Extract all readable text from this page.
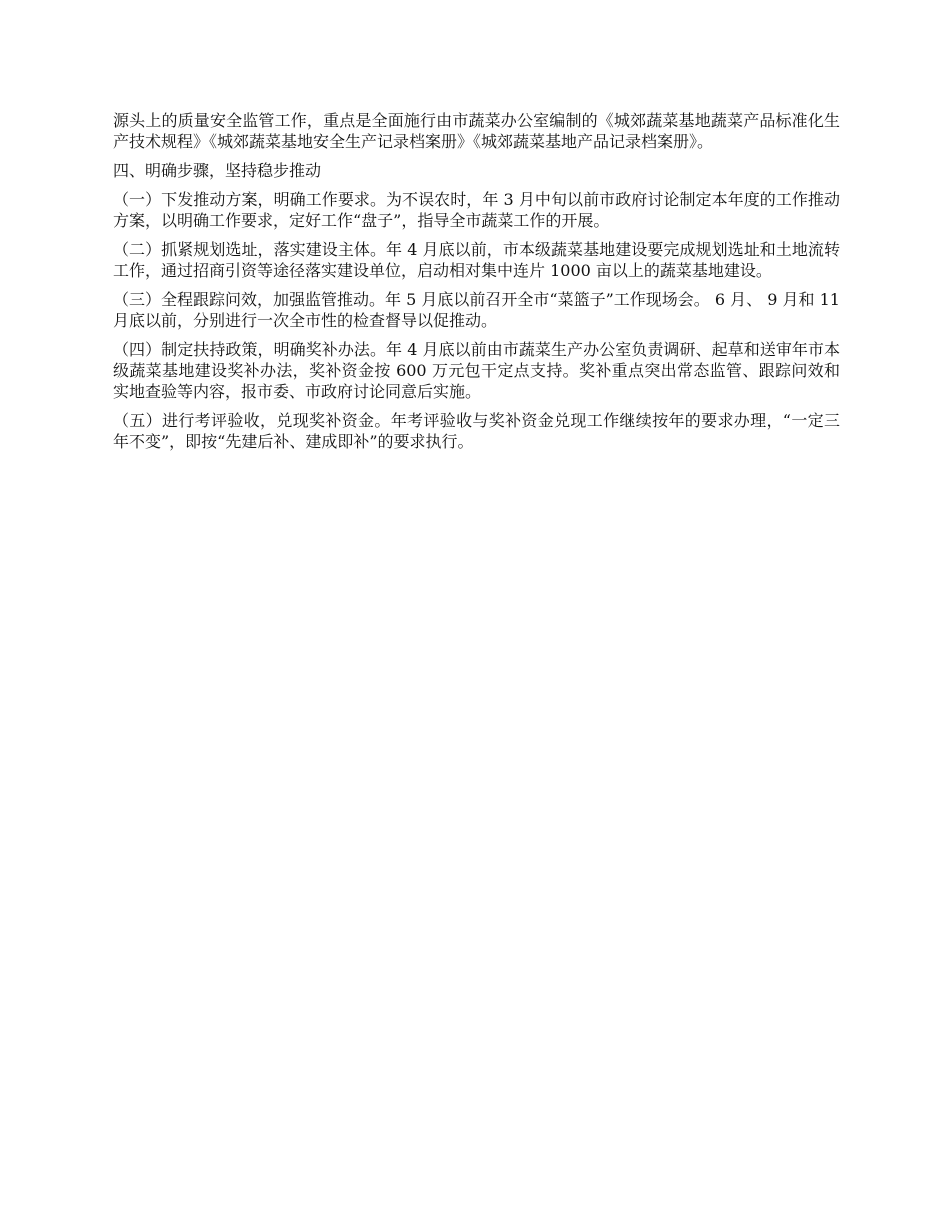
源头上的质量安全监管工作，重点是全面施行由市蔬菜办公室编制的《城郊蔬菜基地蔬菜产品标准化生产技术规程》《城郊蔬菜基地安全生产记录档案册》《城郊蔬菜基地产品记录档案册》。

四、明确步骤，坚持稳步推动

（一）下发推动方案，明确工作要求。为不误农时，年 3 月中旬以前市政府讨论制定本年度的工作推动方案，以明确工作要求，定好工作“盘子”，指导全市蔬菜工作的开展。

（二）抓紧规划选址，落实建设主体。年 4 月底以前，市本级蔬菜基地建设要完成规划选址和土地流转工作，通过招商引资等途径落实建设单位，启动相对集中连片 1000 亩以上的蔬菜基地建设。

（三）全程跟踪问效，加强监管推动。年 5 月底以前召开全市“菜篮子”工作现场会。 6 月、 9 月和 11 月底以前，分别进行一次全市性的检查督导以促推动。

（四）制定扶持政策，明确奖补办法。年 4 月底以前由市蔬菜生产办公室负责调研、起草和送审年市本级蔬菜基地建设奖补办法，奖补资金按 600 万元包干定点支持。奖补重点突出常态监管、跟踪问效和实地查验等内容，报市委、市政府讨论同意后实施。

（五）进行考评验收，兑现奖补资金。年考评验收与奖补资金兑现工作继续按年的要求办理，“一定三年不变”，即按“先建后补、建成即补”的要求执行。
